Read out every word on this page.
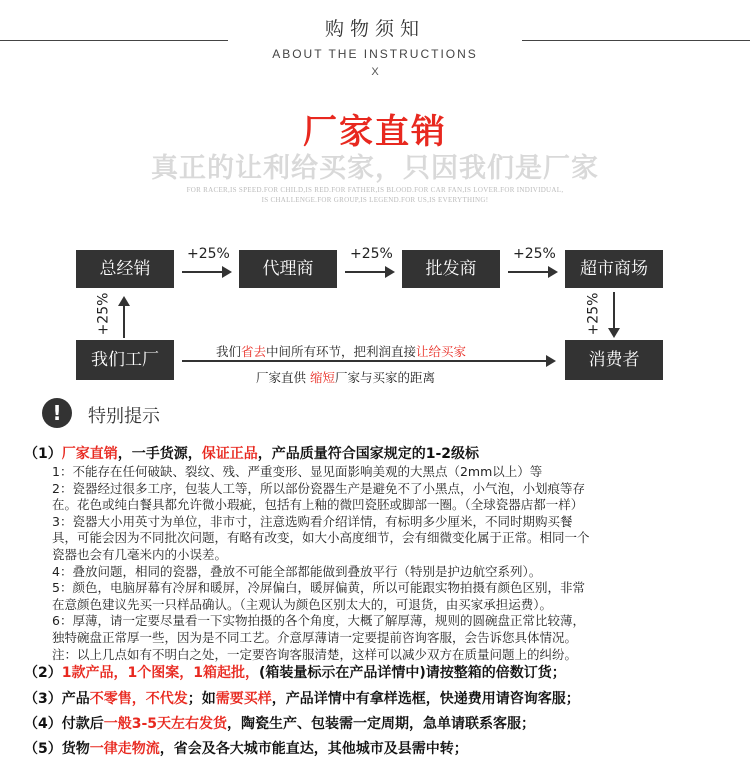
购物须知
ABOUT THE INSTRUCTIONS
X
厂家直销
真正的让利给买家，只因我们是厂家
FOR RACER,IS SPEED.FOR CHILD,IS RED.FOR FATHER,IS BLOOD.FOR CAR FAN,IS LOVER.FOR INDIVIDUAL,
IS CHALLENGE.FOR GROUP,IS LEGEND.FOR US,IS EVERYTHING!
总经销	代理商	批发商	超市商场
+25%	+25%	+25%
+25%	+25%
我们工厂	消费者
我们省去中间所有环节，把利润直接让给买家
厂家直供 缩短厂家与买家的距离
!	特别提示
（1）厂家直销，一手货源，保证正品，产品质量符合国家规定的1-2级标
1：不能存在任何破缺、裂纹、残、严重变形、显见面影响美观的大黑点（2mm以上）等
2：瓷器经过很多工序，包装人工等，所以部份瓷器生产是避免不了小黑点，小气泡，小划痕等存
在。花色或纯白餐具都允许微小瑕疵，包括有上釉的微凹瓷胚或脚部一圈。（全球瓷器店都一样）
3：瓷器大小用英寸为单位，非市寸，注意选购看介绍详情，有标明多少厘米，不同时期购买餐
具，可能会因为不同批次问题，有略有改变，如大小高度细节，会有细微变化属于正常。相同一个
瓷器也会有几毫米内的小误差。
4：叠放问题，相同的瓷器，叠放不可能全部都能做到叠放平行（特别是护边航空系列）。
5：颜色，电脑屏幕有冷屏和暖屏，冷屏偏白，暖屏偏黄，所以可能跟实物拍摄有颜色区别，非常
在意颜色建议先买一只样品确认。（主观认为颜色区别太大的，可退货，由买家承担运费）。
6：厚薄，请一定要尽量看一下实物拍摄的各个角度，大概了解厚薄，规则的圆碗盘正常比较薄，
独特碗盘正常厚一些，因为是不同工艺。介意厚薄请一定要提前咨询客服，会告诉您具体情况。
注：以上几点如有不明白之处，一定要咨询客服清楚，这样可以减少双方在质量问题上的纠纷。
（2）1款产品，1个图案，1箱起批，(箱装量标示在产品详情中)请按整箱的倍数订货；
（3）产品不零售，不代发；如需要买样，产品详情中有拿样选框，快递费用请咨询客服；
（4）付款后一般3-5天左右发货，陶瓷生产、包装需一定周期，急单请联系客服；
（5）货物一律走物流，省会及各大城市能直达，其他城市及县需中转；
